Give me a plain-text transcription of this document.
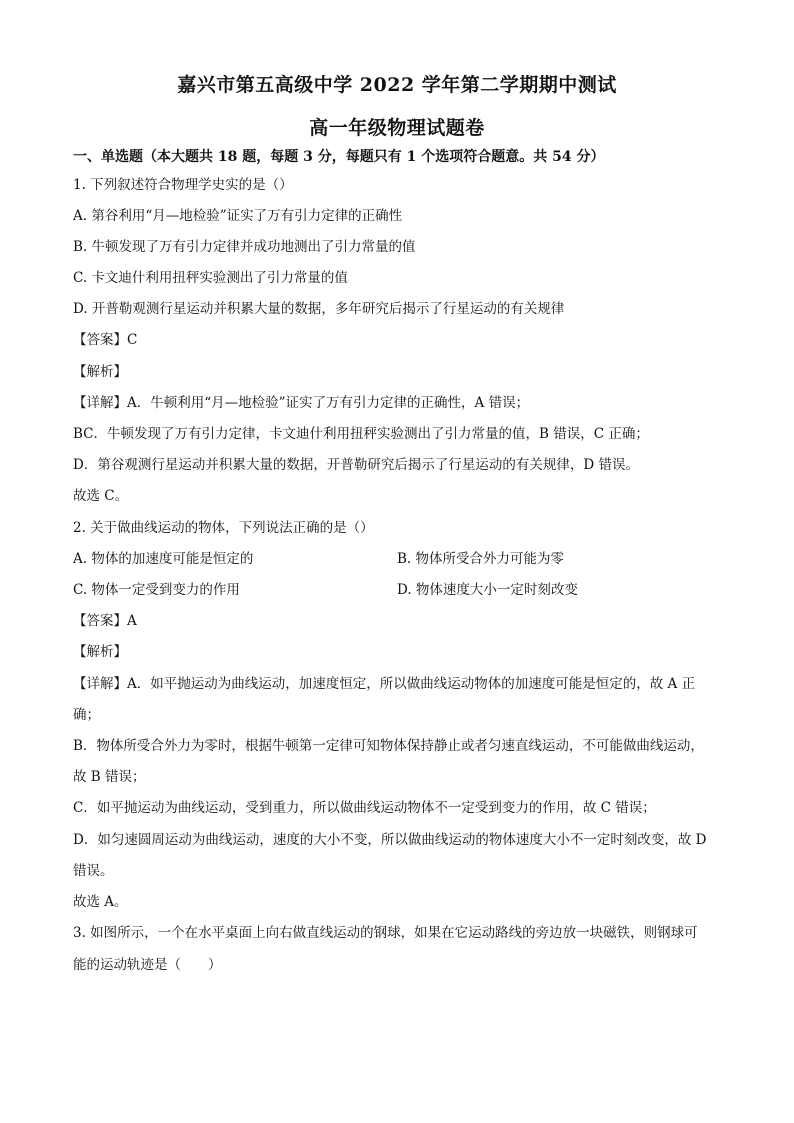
嘉兴市第五高级中学 2022 学年第二学期期中测试
高一年级物理试题卷
一、单选题（本大题共 18 题，每题 3 分，每题只有 1 个选项符合题意。共 54 分）
1. 下列叙述符合物理学史实的是（）
A. 第谷利用“月—地检验”证实了万有引力定律的正确性
B. 牛顿发现了万有引力定律并成功地测出了引力常量的值
C. 卡文迪什利用扭秤实验测出了引力常量的值
D. 开普勒观测行星运动并积累大量的数据，多年研究后揭示了行星运动的有关规律
【答案】C
【解析】
【详解】A．牛顿利用“月—地检验”证实了万有引力定律的正确性，A 错误；
BC．牛顿发现了万有引力定律，卡文迪什利用扭秤实验测出了引力常量的值，B 错误，C 正确；
D．第谷观测行星运动并积累大量的数据，开普勒研究后揭示了行星运动的有关规律，D 错误。
故选 C。
2. 关于做曲线运动的物体，下列说法正确的是（）
A. 物体的加速度可能是恒定的	B. 物体所受合外力可能为零
C. 物体一定受到变力的作用	D. 物体速度大小一定时刻改变
【答案】A
【解析】
【详解】A．如平抛运动为曲线运动，加速度恒定，所以做曲线运动物体的加速度可能是恒定的，故 A 正
确；
B．物体所受合外力为零时，根据牛顿第一定律可知物体保持静止或者匀速直线运动，不可能做曲线运动，
故 B 错误；
C．如平抛运动为曲线运动，受到重力，所以做曲线运动物体不一定受到变力的作用，故 C 错误；
D．如匀速圆周运动为曲线运动，速度的大小不变，所以做曲线运动的物体速度大小不一定时刻改变，故 D
错误。
故选 A。
3. 如图所示，一个在水平桌面上向右做直线运动的钢球，如果在它运动路线的旁边放一块磁铁，则钢球可
能的运动轨迹是（　　）
